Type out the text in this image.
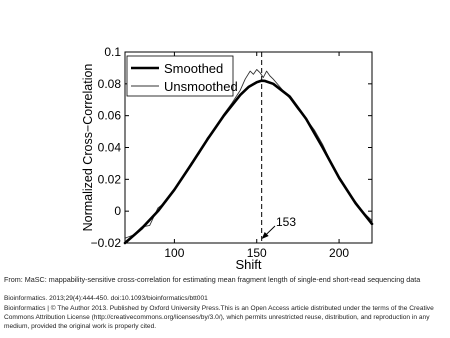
100	150	200
−0.02
0
0.02
0.04
0.06
0.08
0.1
Shift
Normalized Cross−Correlation	Smoothed
Unsmoothed
153
From: MaSC: mappability-sensitive cross-correlation for estimating mean fragment length of single-end short-read sequencing data
Bioinformatics. 2013;29(4):444-450. doi:10.1093/bioinformatics/btt001
Bioinformatics | © The Author 2013. Published by Oxford University Press.This is an Open Access article distributed under the terms of the Creative Commons Attribution License (http://creativecommons.org/licenses/by/3.0/), which permits unrestricted reuse, distribution, and reproduction in any medium, provided the original work is properly cited.
